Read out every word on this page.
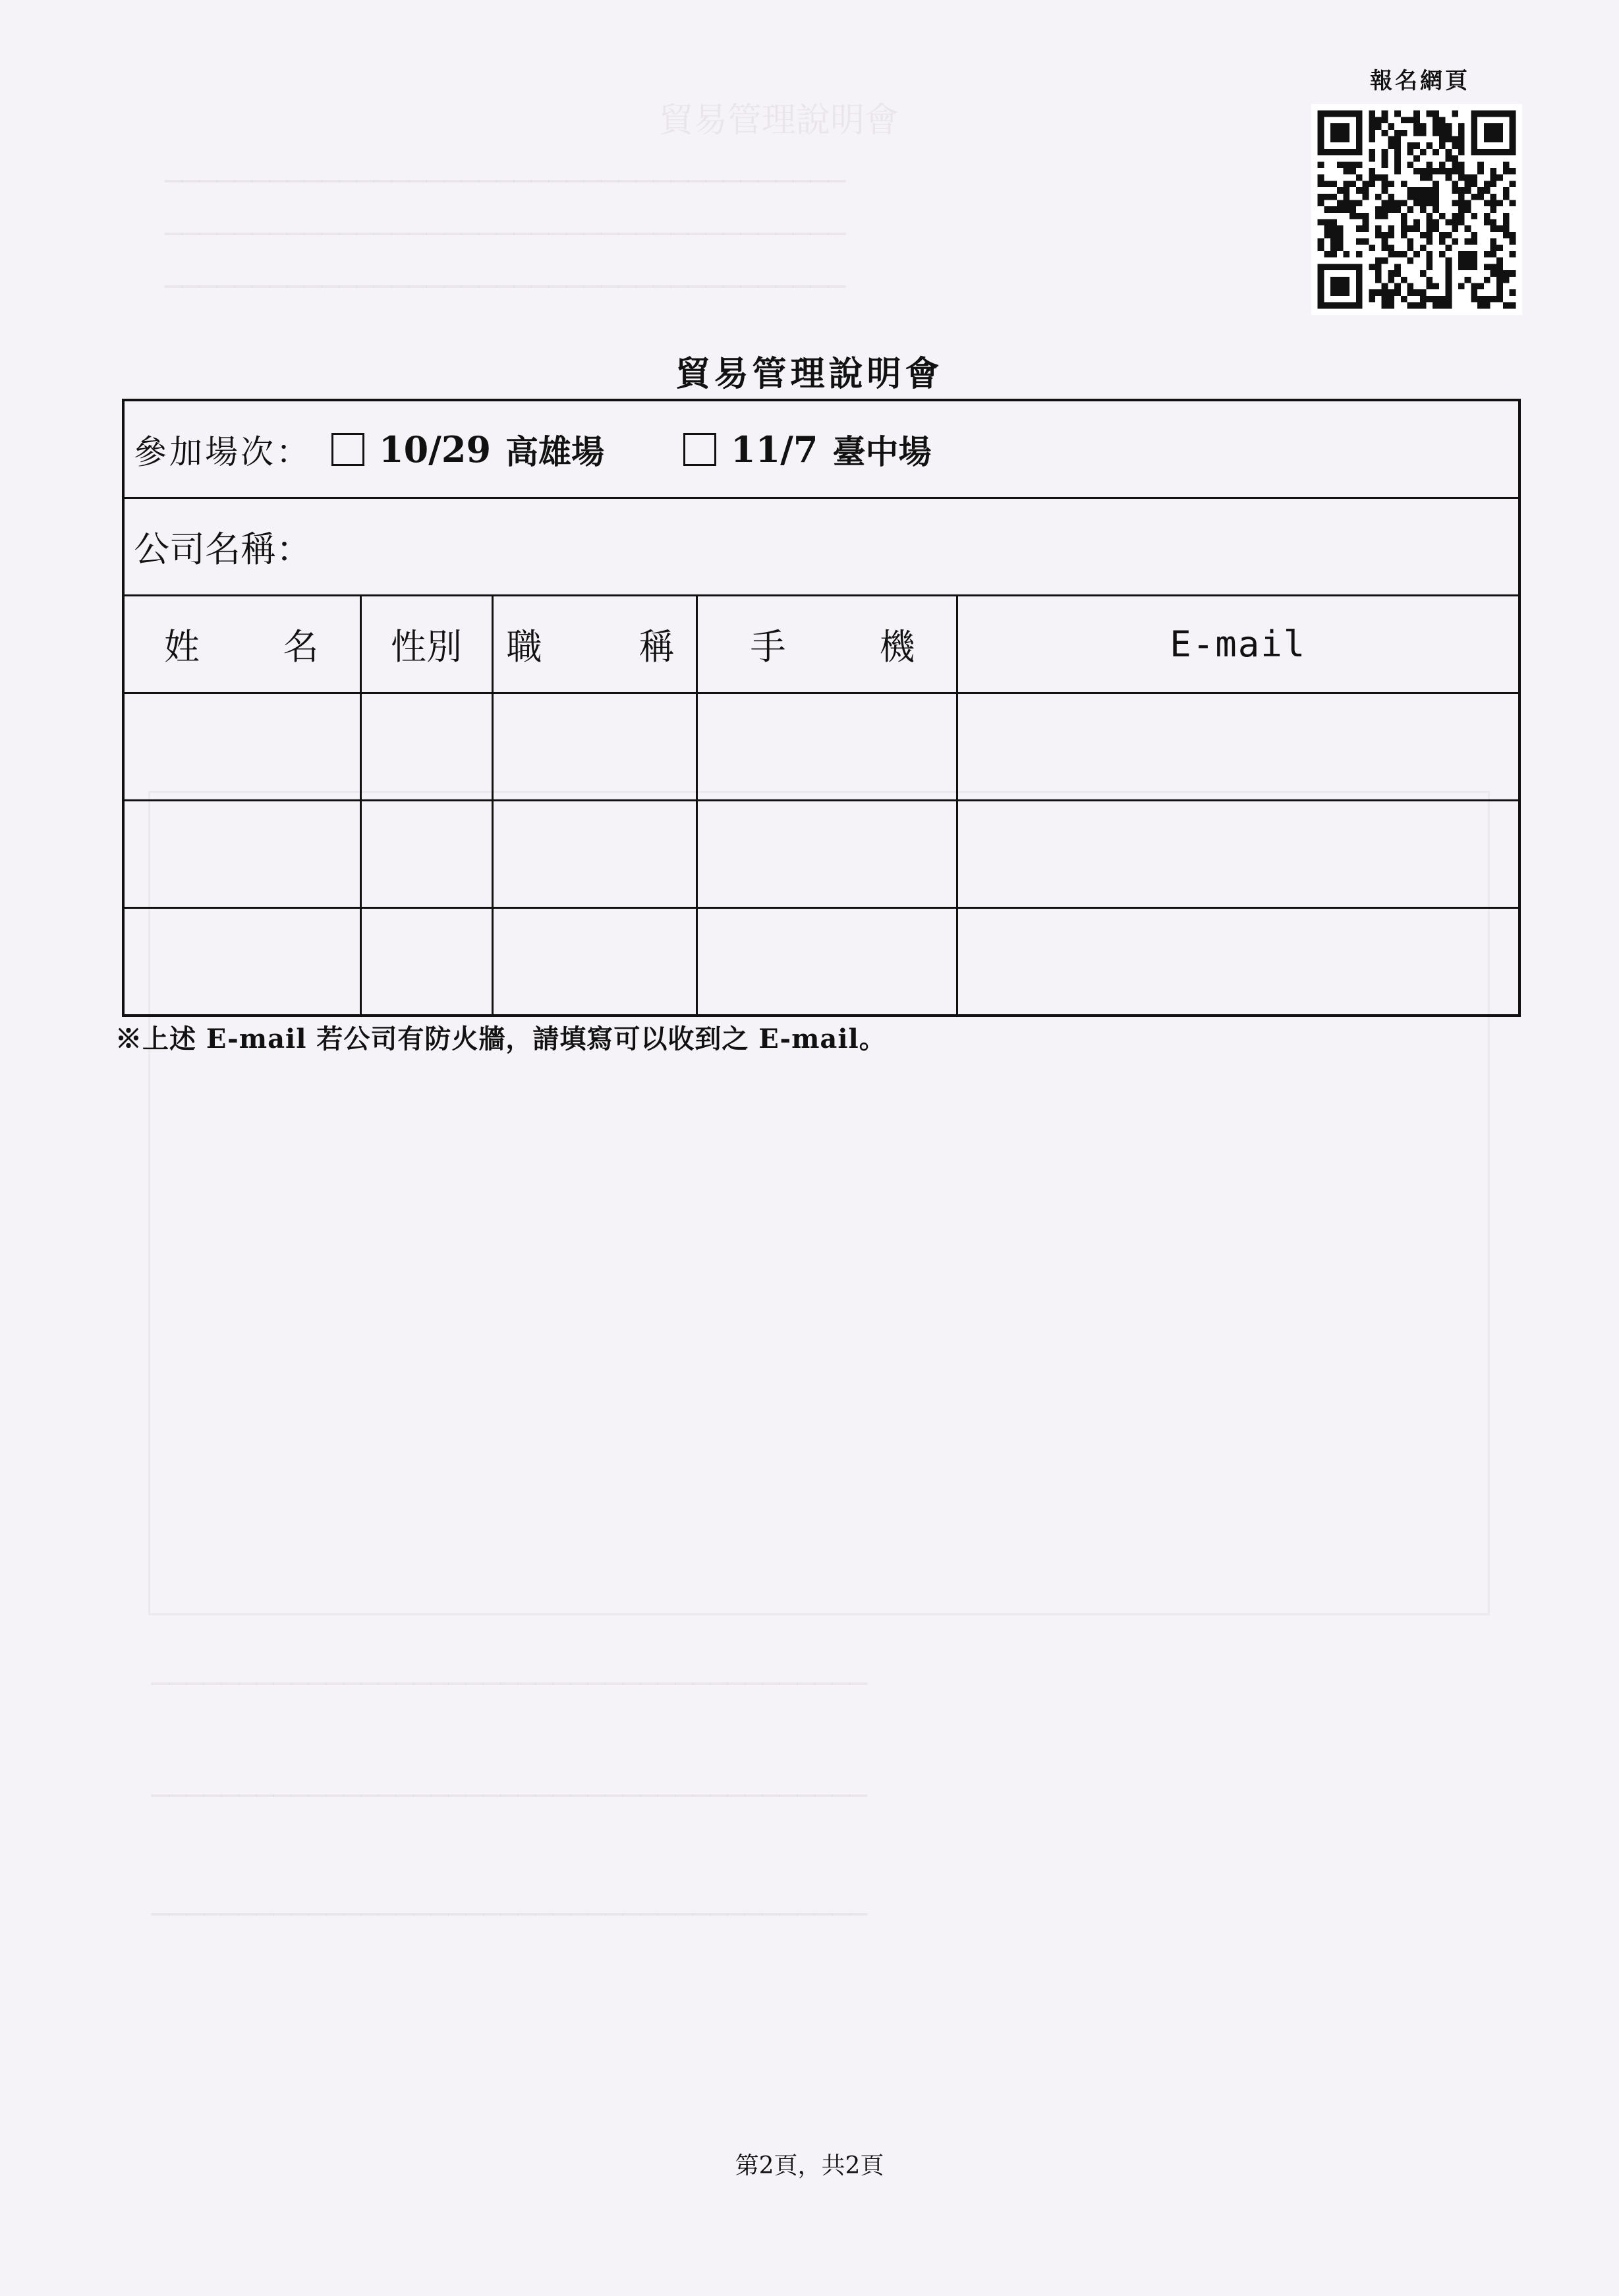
貿易管理說明會
───────────────────────────────────────
───────────────────────────────────────
───────────────────────────────────────
─────────────────────────────────────────
─────────────────────────────────────────
─────────────────────────────────────────
報名網頁
貿易管理說明會
參加場次： 10/29 高雄場 11/7 臺中場				

公司名稱：				

姓 名	性別	職 稱	手 機	E-mail

※上述 E-mail 若公司有防火牆，請填寫可以收到之 E-mail。
第2頁，共2頁
